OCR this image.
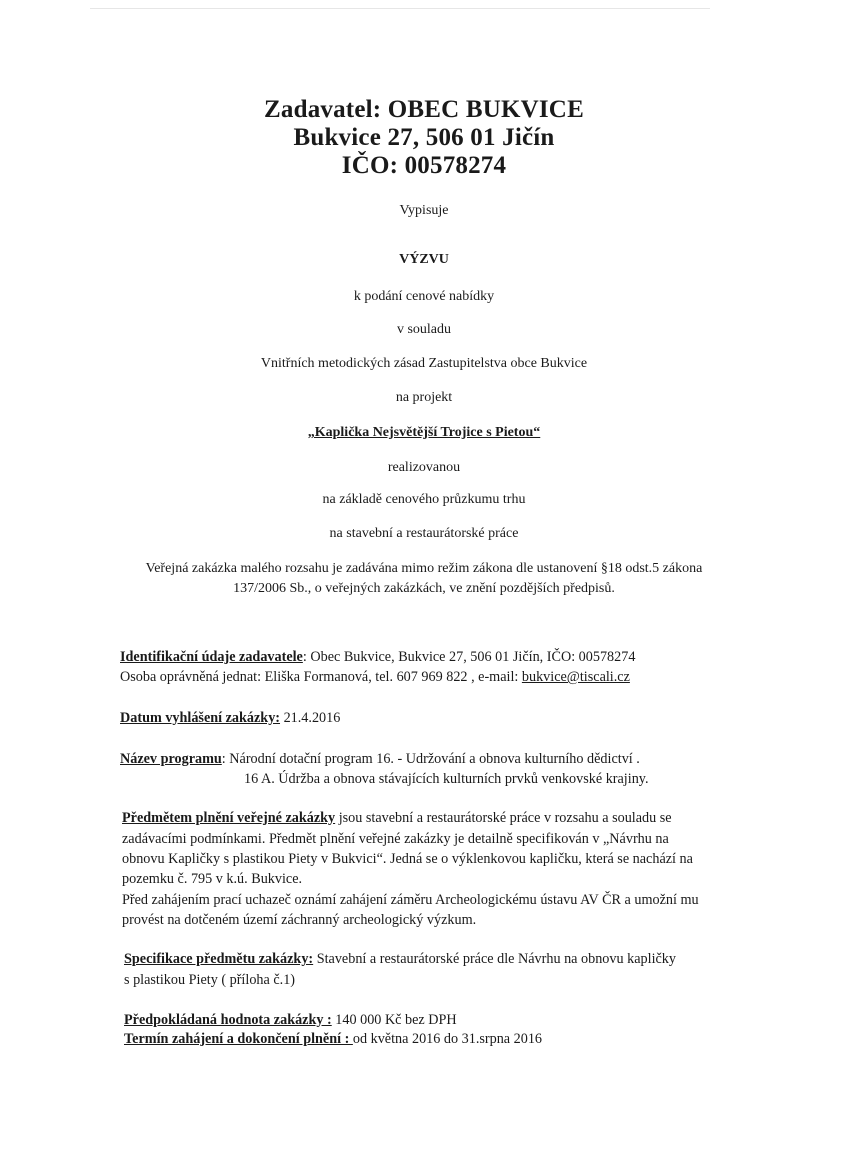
Zadavatel: OBEC BUKVICE
Bukvice 27, 506 01 Jičín
IČO: 00578274
Vypisuje
VÝZVU
k podání cenové nabídky
v souladu
Vnitřních metodických zásad Zastupitelstva obce Bukvice
na projekt
„Kaplička Nejsvětější Trojice s Pietou“
realizovanou
na základě cenového průzkumu trhu
na stavební a restaurátorské práce
Veřejná zakázka malého rozsahu je zadávána mimo režim zákona dle ustanovení §18 odst.5 zákona
137/2006 Sb., o veřejných zakázkách, ve znění pozdějších předpisů.
Identifikační údaje zadavatele: Obec Bukvice, Bukvice 27, 506 01 Jičín, IČO: 00578274
Osoba oprávněná jednat: Eliška Formanová, tel. 607 969 822 , e-mail: bukvice@tiscali.cz
Datum vyhlášení zakázky: 21.4.2016
Název programu: Národní dotační program 16. - Udržování a obnova kulturního dědictví .
16 A. Údržba a obnova stávajících kulturních prvků venkovské krajiny.
Předmětem plnění veřejné zakázky jsou stavební a restaurátorské práce v rozsahu a souladu se
zadávacími podmínkami. Předmět plnění veřejné zakázky je detailně specifikován v „Návrhu na
obnovu Kapličky s plastikou Piety v Bukvici“. Jedná se o výklenkovou kapličku, která se nachází na
pozemku č. 795 v k.ú. Bukvice.
Před zahájením prací uchazeč oznámí zahájení záměru Archeologickému ústavu AV ČR a umožní mu
provést na dotčeném území záchranný archeologický výzkum.
Specifikace předmětu zakázky: Stavební a restaurátorské práce dle Návrhu na obnovu kapličky
s plastikou Piety ( příloha č.1)
Předpokládaná hodnota zakázky : 140 000 Kč bez DPH
Termín zahájení a dokončení plnění : od května 2016 do 31.srpna 2016
